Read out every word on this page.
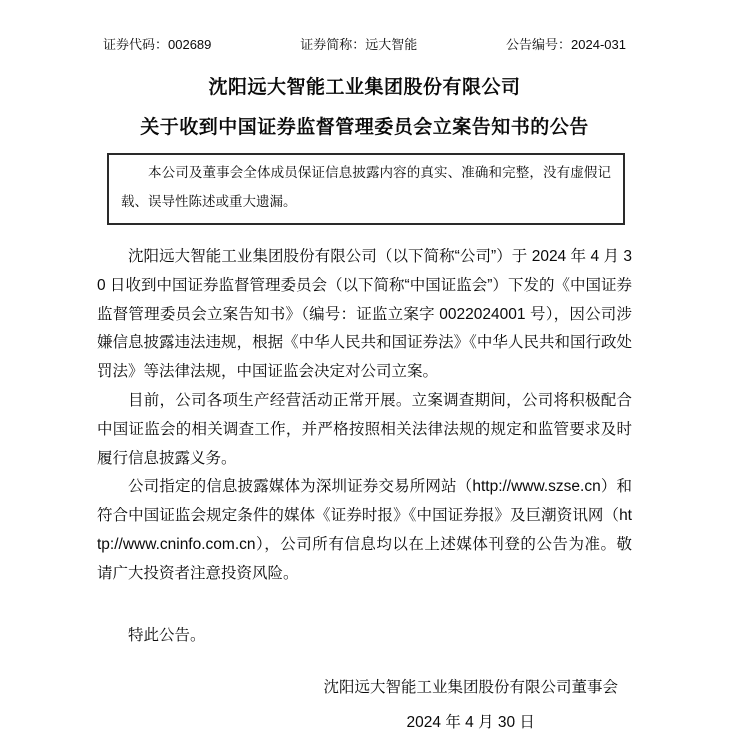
证券代码：002689	证券简称：远大智能	公告编号：2024-031
沈阳远大智能工业集团股份有限公司
关于收到中国证券监督管理委员会立案告知书的公告

本公司及董事会全体成员保证信息披露内容的真实、准确和完整，没有虚假记载、误导性陈述或重大遗漏。

沈阳远大智能工业集团股份有限公司（以下简称“公司”）于 2024 年 4 月 30 日收到中国证券监督管理委员会（以下简称“中国证监会”）下发的《中国证券监督管理委员会立案告知书》（编号：证监立案字 0022024001 号），因公司涉嫌信息披露违法违规，根据《中华人民共和国证券法》《中华人民共和国行政处罚法》等法律法规，中国证监会决定对公司立案。

目前，公司各项生产经营活动正常开展。立案调查期间，公司将积极配合中国证监会的相关调查工作，并严格按照相关法律法规的规定和监管要求及时履行信息披露义务。

公司指定的信息披露媒体为深圳证券交易所网站（http://www.szse.cn）和符合中国证监会规定条件的媒体《证券时报》《中国证券报》及巨潮资讯网（http://www.cninfo.com.cn），公司所有信息均以在上述媒体刊登的公告为准。敬请广大投资者注意投资风险。

特此公告。

沈阳远大智能工业集团股份有限公司董事会
2024 年 4 月 30 日
